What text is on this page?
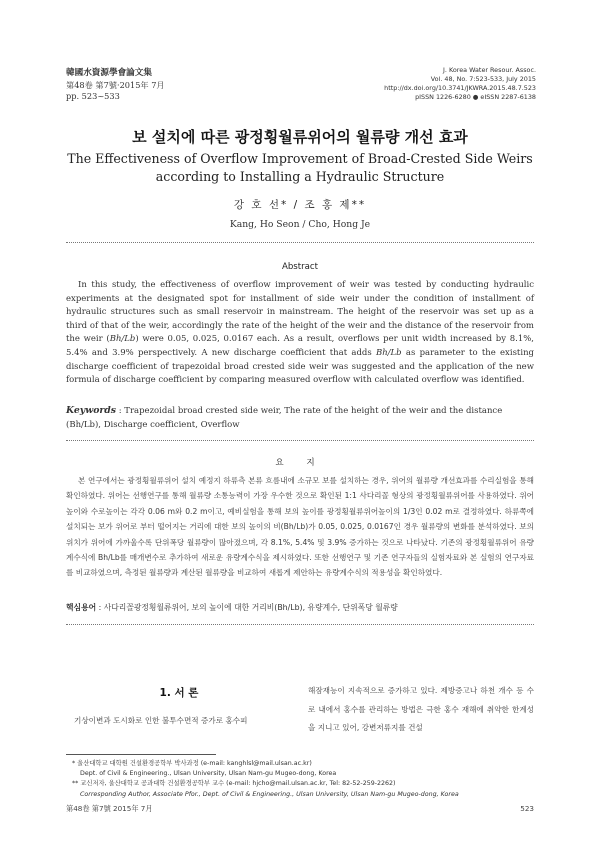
韓國水資源學會論文集
第48卷 第7號·2015年 7月
pp. 523~533
J. Korea Water Resour. Assoc.
Vol. 48, No. 7:523-533, July 2015
http://dx.doi.org/10.3741/JKWRA.2015.48.7.523
pISSN 1226-6280 ● eISSN 2287-6138
보 설치에 따른 광정횡월류위어의 월류량 개선 효과
The Effectiveness of Overflow Improvement of Broad-Crested Side Weirs
according to Installing a Hydraulic Structure
강 호 선* / 조 홍 제**
Kang, Ho Seon / Cho, Hong Je
Abstract
In this study, the effectiveness of overflow improvement of weir was tested by conducting hydraulic experiments at the designated spot for installment of side weir under the condition of installment of hydraulic structures such as small reservoir in mainstream. The height of the reservoir was set up as a third of that of the weir, accordingly the rate of the height of the weir and the distance of the reservoir from the weir (Bh/Lb) were 0.05, 0.025, 0.0167 each. As a result, overflows per unit width increased by 8.1%, 5.4% and 3.9% perspectively. A new discharge coefficient that adds Bh/Lb as parameter to the existing discharge coefficient of trapezoidal broad crested side weir was suggested and the application of the new formula of discharge coefficient by comparing measured overflow with calculated overflow was identified.
Keywords : Trapezoidal broad crested side weir, The rate of the height of the weir and the distance (Bh/Lb), Discharge coefficient, Overflow
요 지
본 연구에서는 광정횡월류위어 설치 예정지 하류측 본류 흐름내에 소규모 보를 설치하는 경우, 위어의 월류량 개선효과를 수리실험을 통해 확인하였다. 위어는 선행연구를 통해 월류량 소통능력이 가장 우수한 것으로 확인된 1:1 사다리꼴 형상의 광정횡월류위어를 사용하였다. 위어높이와 수로높이는 각각 0.06 m와 0.2 m이고, 예비실험을 통해 보의 높이를 광정횡월류위어높이의 1/3인 0.02 m로 결정하였다. 하류쪽에 설치되는 보가 위어로 부터 떨어지는 거리에 대한 보의 높이의 비(Bh/Lb)가 0.05, 0.025, 0.0167인 경우 월류량의 변화를 분석하였다. 보의 위치가 위어에 가까울수록 단위폭당 월류량이 많아졌으며, 각 8.1%, 5.4% 및 3.9% 증가하는 것으로 나타났다. 기존의 광정횡월류위어 유량계수식에 Bh/Lb를 매개변수로 추가하여 새로운 유량계수식을 제시하였다. 또한 선행연구 및 기존 연구자들의 실험자료와 본 실험의 연구자료를 비교하였으며, 측정된 월류량과 계산된 월류량을 비교하여 새롭게 제안하는 유량계수식의 적용성을 확인하였다.
핵심용어 : 사다리꼴광정횡월류위어, 보의 높이에 대한 거리비(Bh/Lb), 유량계수, 단위폭당 월류량
1. 서 론
기상이변과 도시화로 인한 불투수면적 증가로 홍수피
해잠재능이 지속적으로 증가하고 있다. 제방증고나 하천 개수 등 수로 내에서 홍수를 관리하는 방법은 극한 홍수 재해에 취약한 한계성을 지니고 있어, 강변저류지를 건설
* 울산대학교 대학원 건설환경공학부 박사과정 (e-mail: kanghlsl@mail.ulsan.ac.kr)
Dept. of Civil & Engineering., Ulsan University, Ulsan Nam-gu Mugeo-dong, Korea
** 교신저자, 울산대학교 공과대학 건설환경공학부 교수 (e-mail: hjcho@mail.ulsan.ac.kr, Tel: 82-52-259-2262)
Corresponding Author, Associate Pfor., Dept. of Civil & Engineering., Ulsan University, Ulsan Nam-gu Mugeo-dong, Korea
第48卷 第7號 2015年 7月	523
